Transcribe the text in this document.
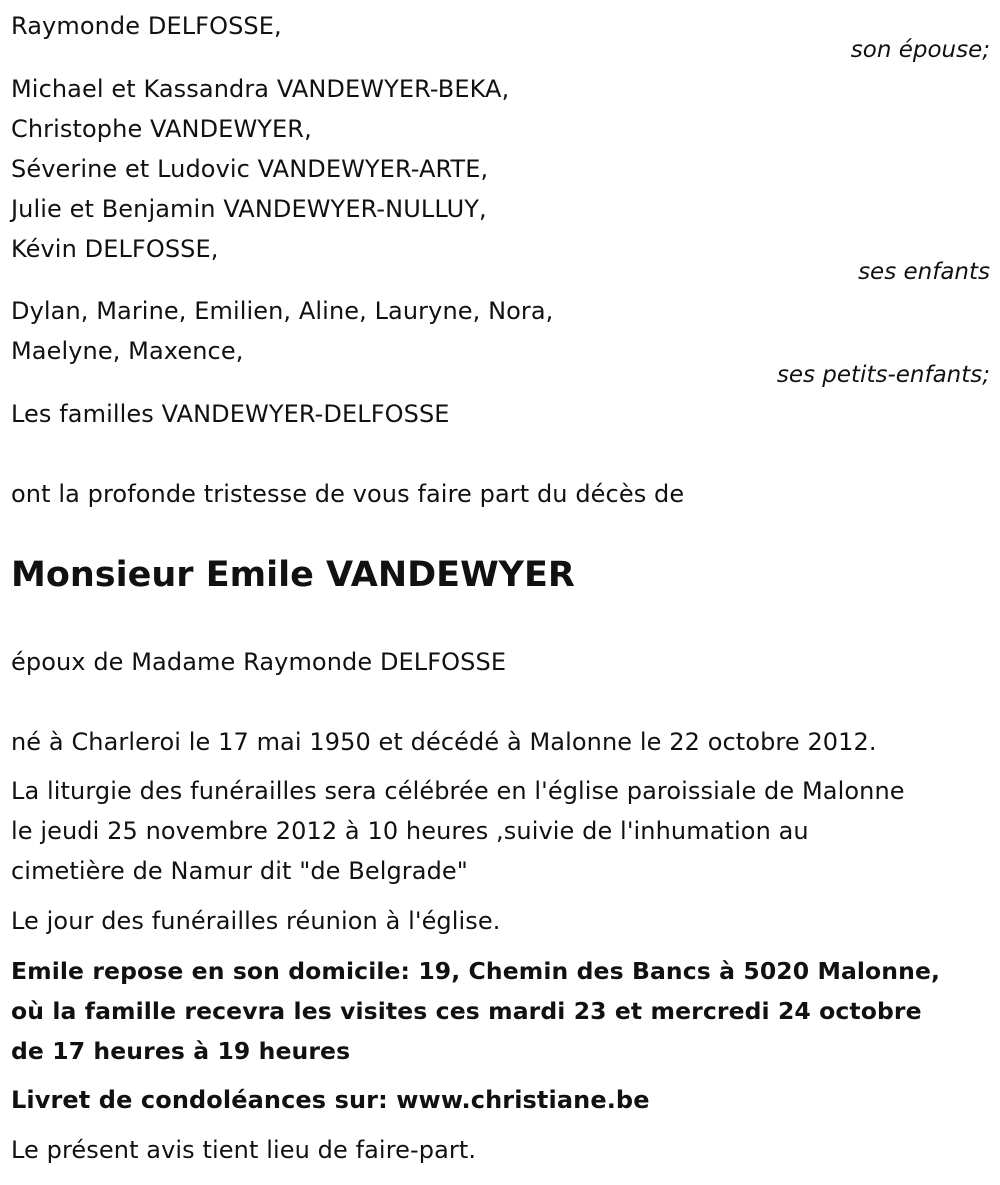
Raymonde DELFOSSE,
son épouse;
Michael et Kassandra VANDEWYER-BEKA,
Christophe VANDEWYER,
Séverine et Ludovic VANDEWYER-ARTE,
Julie et Benjamin VANDEWYER-NULLUY,
Kévin DELFOSSE,
ses enfants
Dylan, Marine, Emilien, Aline, Lauryne, Nora,
Maelyne, Maxence,
ses petits-enfants;
Les familles VANDEWYER-DELFOSSE
ont la profonde tristesse de vous faire part du décès de
Monsieur Emile VANDEWYER
époux de Madame Raymonde DELFOSSE
né à Charleroi le 17 mai 1950 et décédé à Malonne le 22 octobre 2012.
La liturgie des funérailles sera célébrée en l'église paroissiale de Malonne
le jeudi 25 novembre 2012 à 10 heures ,suivie de l'inhumation au
cimetière de Namur dit "de Belgrade"
Le jour des funérailles réunion à l'église.
Emile repose en son domicile: 19, Chemin des Bancs à 5020 Malonne,
où la famille recevra les visites ces mardi 23 et mercredi 24 octobre
de 17 heures à 19 heures
Livret de condoléances sur: www.christiane.be
Le présent avis tient lieu de faire-part.
